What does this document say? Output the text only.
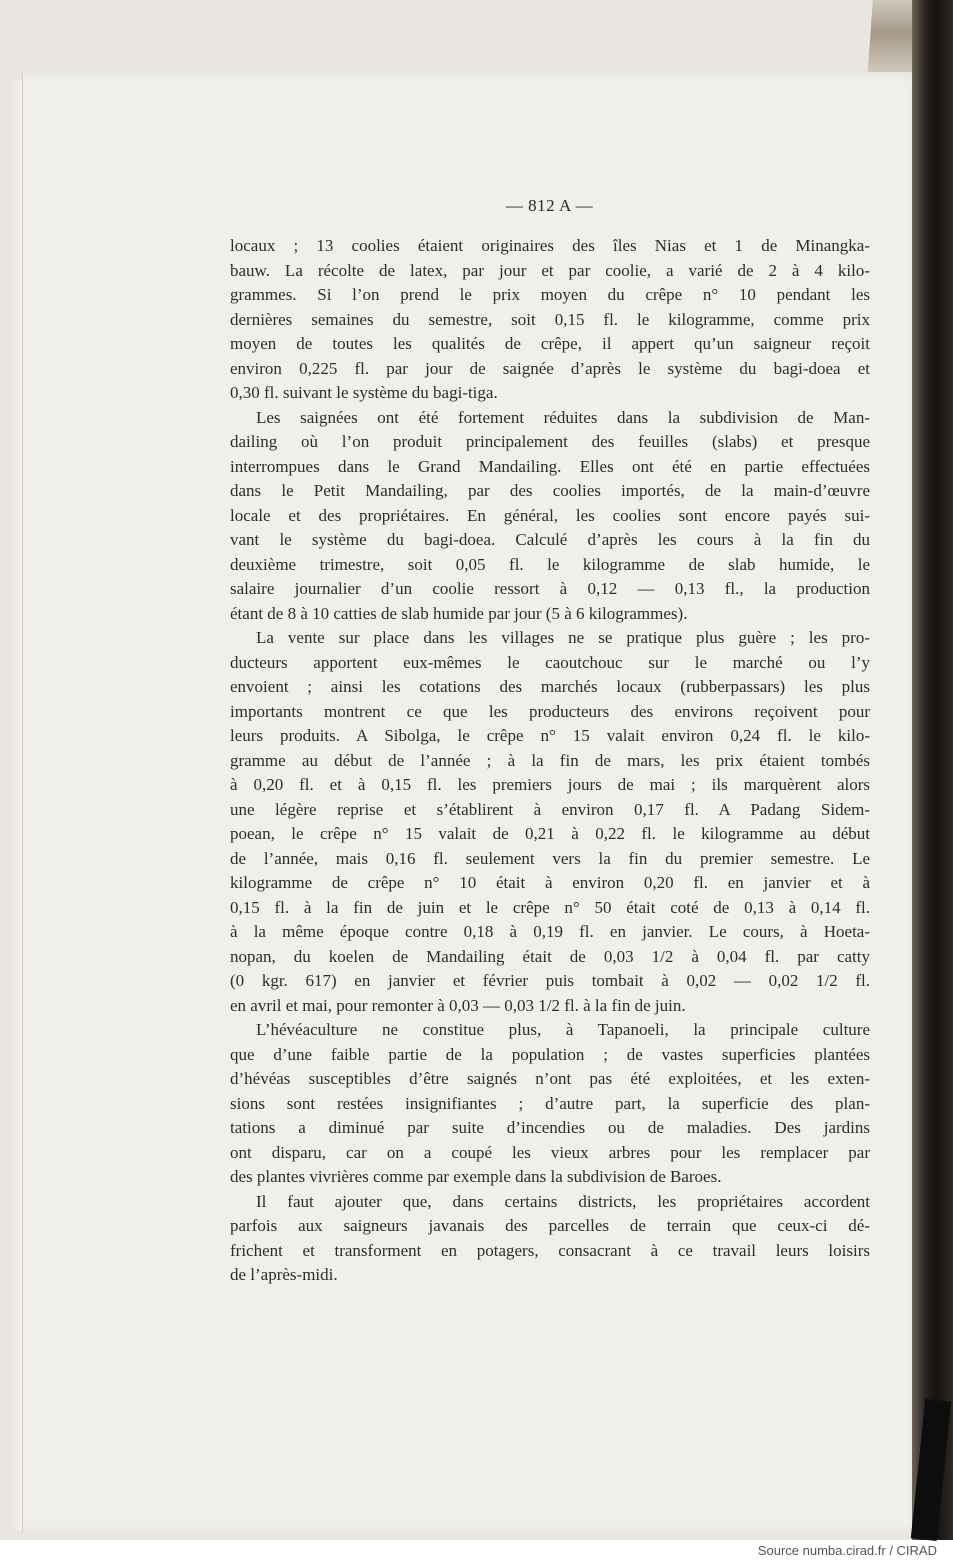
— 812 A —
locaux ; 13 coolies étaient originaires des îles Nias et 1 de Minangka-
bauw. La récolte de latex, par jour et par coolie, a varié de 2 à 4 kilo-
grammes. Si l’on prend le prix moyen du crêpe n° 10 pendant les
dernières semaines du semestre, soit 0,15 fl. le kilogramme, comme prix
moyen de toutes les qualités de crêpe, il appert qu’un saigneur reçoit
environ 0,225 fl. par jour de saignée d’après le système du bagi-doea et
0,30 fl. suivant le système du bagi-tiga.
Les saignées ont été fortement réduites dans la subdivision de Man-
dailing où l’on produit principalement des feuilles (slabs) et presque
interrompues dans le Grand Mandailing. Elles ont été en partie effectuées
dans le Petit Mandailing, par des coolies importés, de la main-d’œuvre
locale et des propriétaires. En général, les coolies sont encore payés sui-
vant le système du bagi-doea. Calculé d’après les cours à la fin du
deuxième trimestre, soit 0,05 fl. le kilogramme de slab humide, le
salaire journalier d’un coolie ressort à 0,12 — 0,13 fl., la production
étant de 8 à 10 catties de slab humide par jour (5 à 6 kilogrammes).
La vente sur place dans les villages ne se pratique plus guère ; les pro-
ducteurs apportent eux-mêmes le caoutchouc sur le marché ou l’y
envoient ; ainsi les cotations des marchés locaux (rubberpassars) les plus
importants montrent ce que les producteurs des environs reçoivent pour
leurs produits. A Sibolga, le crêpe n° 15 valait environ 0,24 fl. le kilo-
gramme au début de l’année ; à la fin de mars, les prix étaient tombés
à 0,20 fl. et à 0,15 fl. les premiers jours de mai ; ils marquèrent alors
une légère reprise et s’établirent à environ 0,17 fl. A Padang Sidem-
poean, le crêpe n° 15 valait de 0,21 à 0,22 fl. le kilogramme au début
de l’année, mais 0,16 fl. seulement vers la fin du premier semestre. Le
kilogramme de crêpe n° 10 était à environ 0,20 fl. en janvier et à
0,15 fl. à la fin de juin et le crêpe n° 50 était coté de 0,13 à 0,14 fl.
à la même époque contre 0,18 à 0,19 fl. en janvier. Le cours, à Hoeta-
nopan, du koelen de Mandailing était de 0,03 1/2 à 0,04 fl. par catty
(0 kgr. 617) en janvier et février puis tombait à 0,02 — 0,02 1/2 fl.
en avril et mai, pour remonter à 0,03 — 0,03 1/2 fl. à la fin de juin.
L’hévéaculture ne constitue plus, à Tapanoeli, la principale culture
que d’une faible partie de la population ; de vastes superficies plantées
d’hévéas susceptibles d’être saignés n’ont pas été exploitées, et les exten-
sions sont restées insignifiantes ; d’autre part, la superficie des plan-
tations a diminué par suite d’incendies ou de maladies. Des jardins
ont disparu, car on a coupé les vieux arbres pour les remplacer par
des plantes vivrières comme par exemple dans la subdivision de Baroes.
Il faut ajouter que, dans certains districts, les propriétaires accordent
parfois aux saigneurs javanais des parcelles de terrain que ceux-ci dé-
frichent et transforment en potagers, consacrant à ce travail leurs loisirs
de l’après-midi.
Source numba.cirad.fr / CIRAD
